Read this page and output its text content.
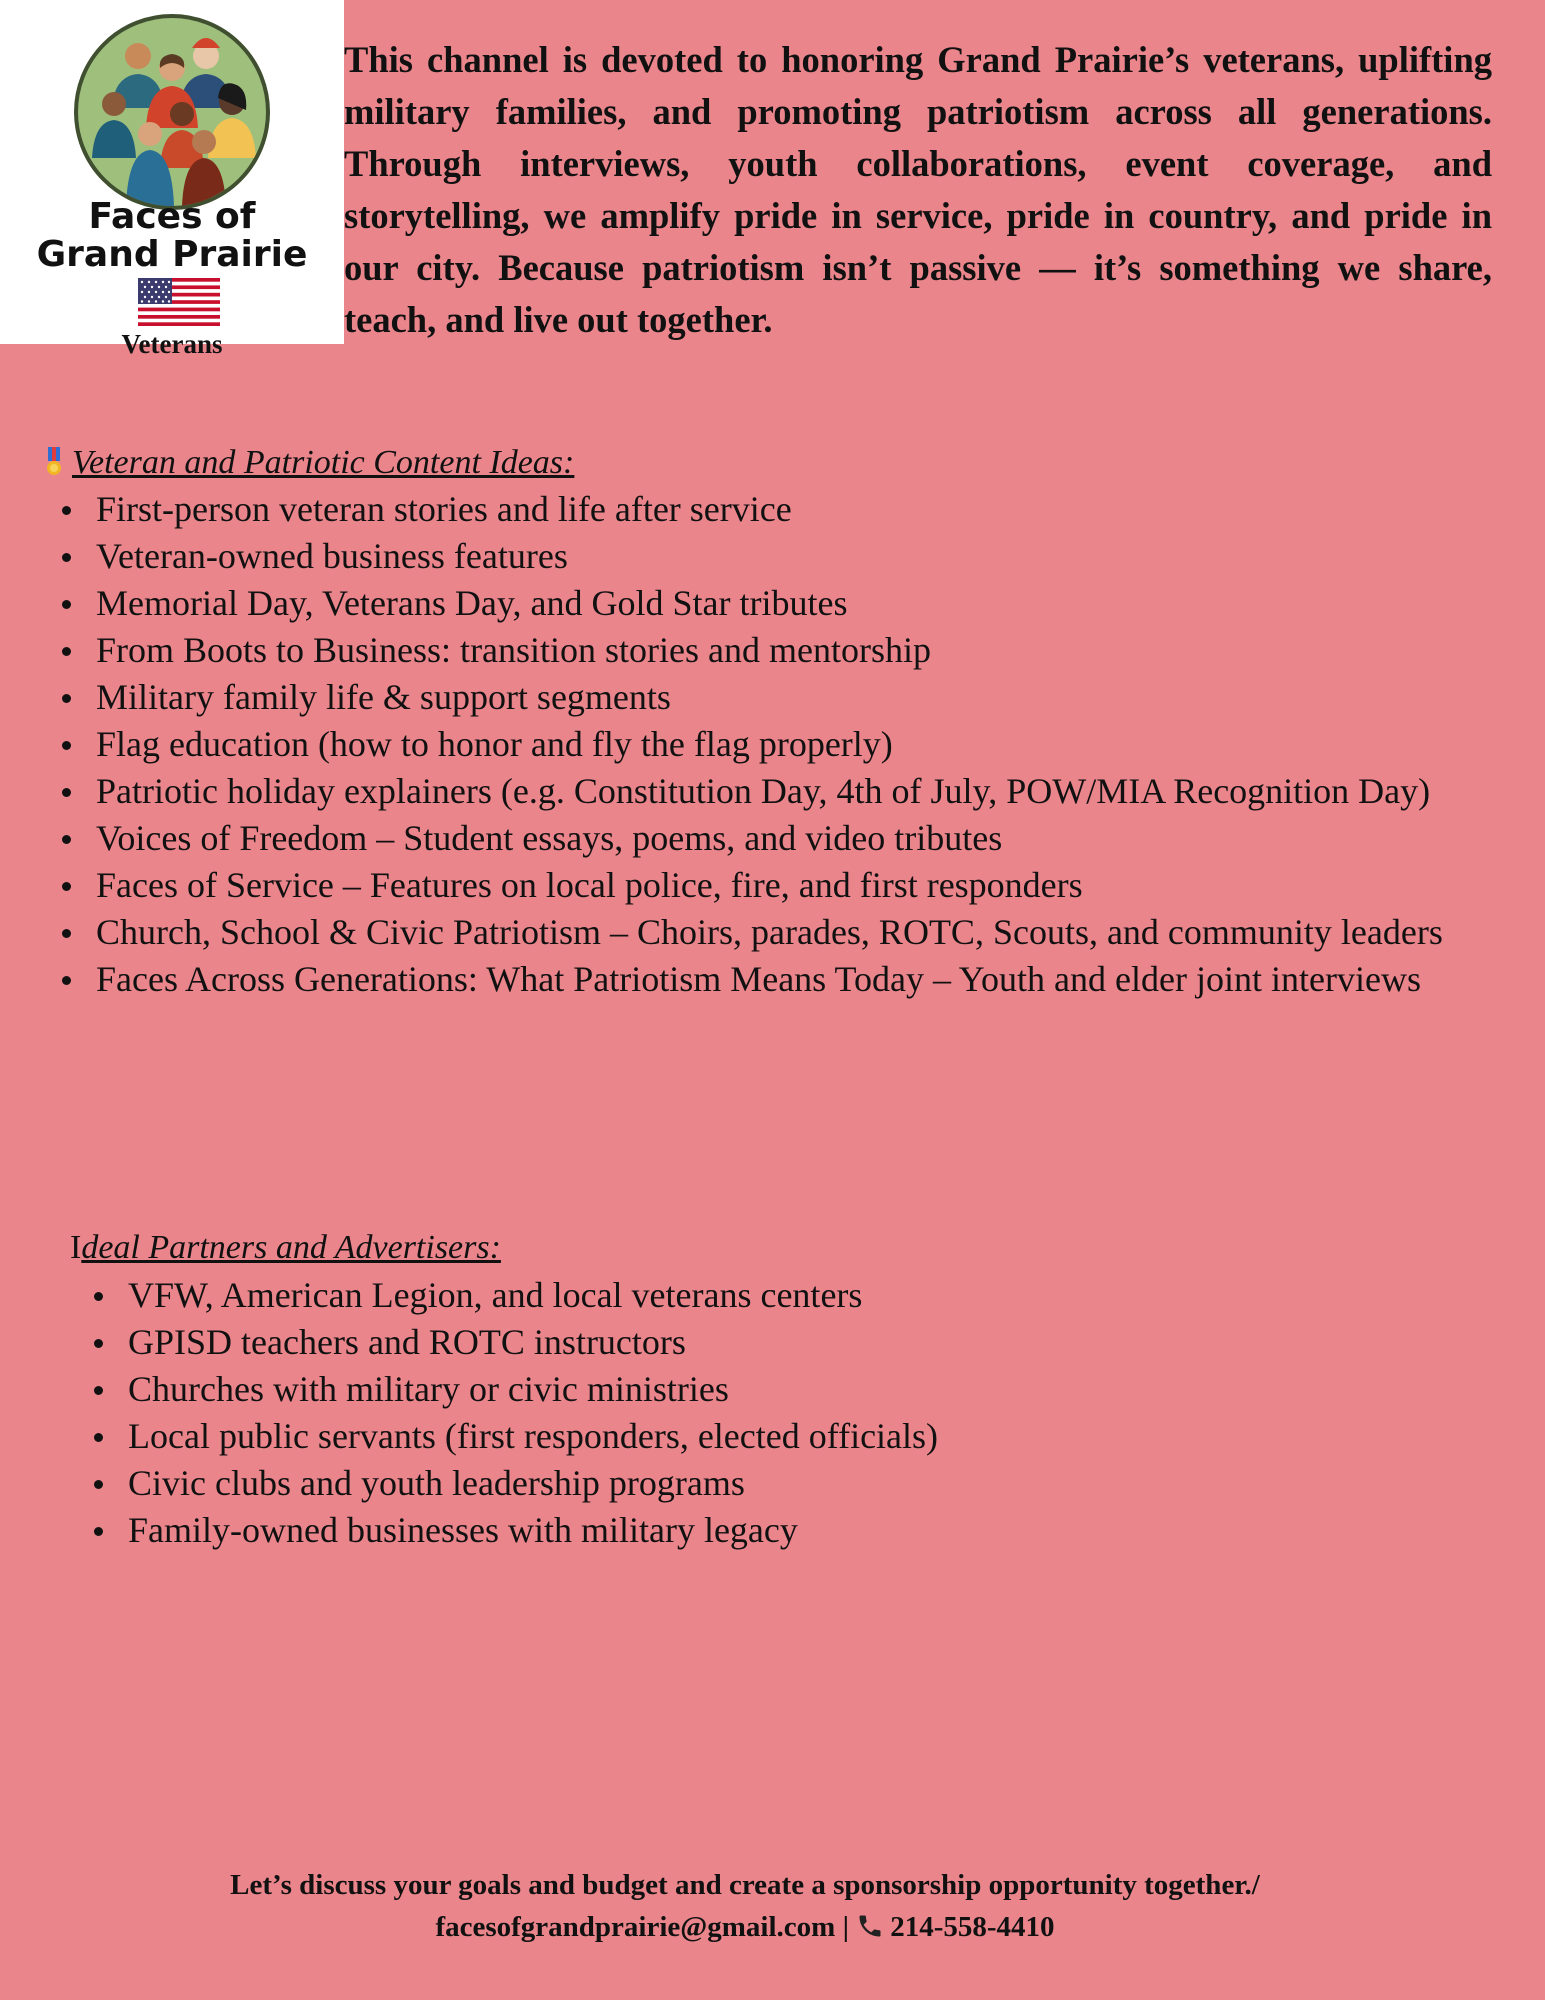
Faces of
Grand Prairie
Veterans

This channel is devoted to honoring Grand Prairie’s veterans, uplifting military families, and promoting patriotism across all generations. Through interviews, youth collaborations, event coverage, and storytelling, we amplify pride in service, pride in country, and pride in our city. Because patriotism isn’t passive — it’s something we share, teach, and live out together.

Veteran and Patriotic Content Ideas:
First-person veteran stories and life after service
Veteran-owned business features
Memorial Day, Veterans Day, and Gold Star tributes
From Boots to Business: transition stories and mentorship
Military family life & support segments
Flag education (how to honor and fly the flag properly)
Patriotic holiday explainers (e.g. Constitution Day, 4th of July, POW/MIA Recognition Day)
Voices of Freedom – Student essays, poems, and video tributes
Faces of Service – Features on local police, fire, and first responders
Church, School & Civic Patriotism – Choirs, parades, ROTC, Scouts, and community leaders
Faces Across Generations: What Patriotism Means Today – Youth and elder joint interviews
Ideal Partners and Advertisers:
VFW, American Legion, and local veterans centers
GPISD teachers and ROTC instructors
Churches with military or civic ministries
Local public servants (first responders, elected officials)
Civic clubs and youth leadership programs
Family-owned businesses with military legacy
Let’s discuss your goals and budget and create a sponsorship opportunity together./
facesofgrandprairie@gmail.com | 214-558-4410
